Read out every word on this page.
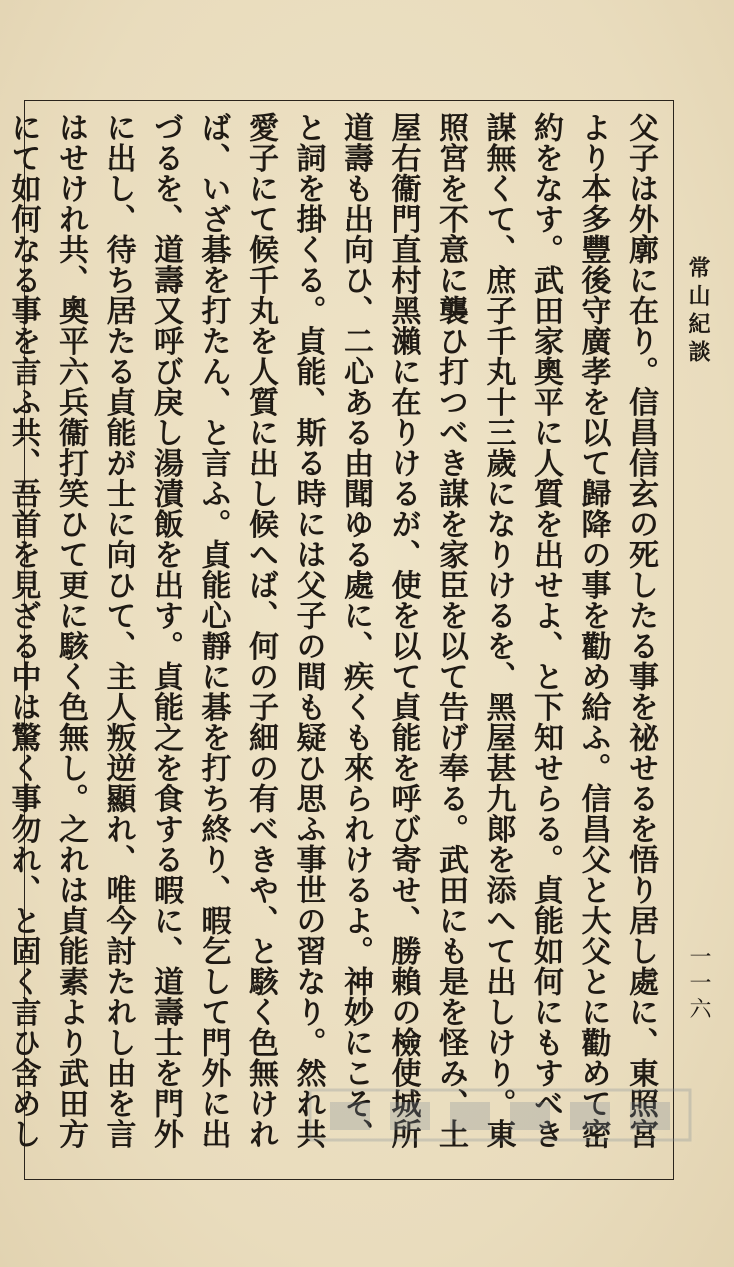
常山紀談
一一六

父子は外廓に在り。信昌信玄の死したる事を祕せるを悟り居し處に、東照宮より本多豐後守廣孝を以て歸降の事を勸め給ふ。信昌父と大父とに勸めて密約をなす。武田家奧平に人質を出せよ、と下知せらる。貞能如何にもすべき謀無くて、庶子千丸十三歲になりけるを、黑屋甚九郞を添へて出しけり。東照宮を不意に襲ひ打つべき謀を家臣を以て告げ奉る。武田にも是を怪み、土屋右衞門直村黑瀨に在りけるが、使を以て貞能を呼び寄せ、勝賴の檢使城所道壽も出向ひ、二心ある由聞ゆる處に、疾くも來られけるよ。神妙にこそ、と詞を掛くる。貞能、斯る時には父子の間も疑ひ思ふ事世の習なり。然れ共愛子にて候千丸を人質に出し候へば、何の子細の有べきや、と駭く色無ければ、いざ碁を打たん、と言ふ。貞能心靜に碁を打ち終り、暇乞して門外に出づるを、道壽又呼び戾し湯漬飯を出す。貞能之を食する暇に、道壽士を門外に出し、待ち居たる貞能が士に向ひて、主人叛逆顯れ、唯今討たれし由を言はせけれ共、奧平六兵衞打笑ひて更に駭く色無し。之れは貞能素より武田方にて如何なる事を言ふ共、吾首を見ざる中は驚く事勿れ、と固く言ひ含めし
